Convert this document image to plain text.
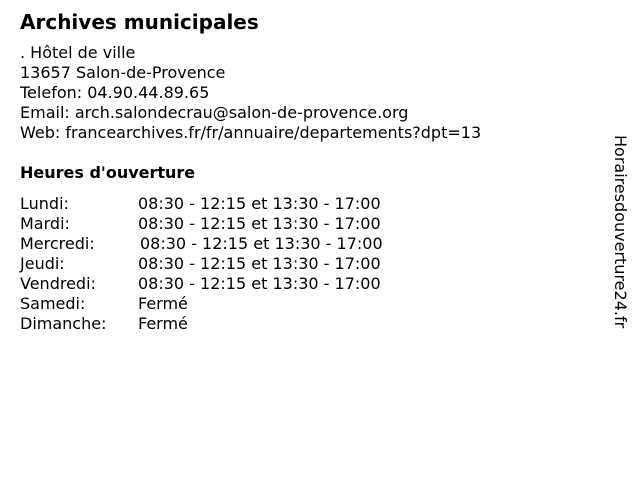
Archives municipales
. Hôtel de ville
13657 Salon-de-Provence
Telefon: 04.90.44.89.65
Email: arch.salondecrau@salon-de-provence.org
Web: francearchives.fr/fr/annuaire/departements?dpt=13
Heures d'ouverture
Lundi:	08:30 - 12:15 et 13:30 - 17:00
Mardi:	08:30 - 12:15 et 13:30 - 17:00
Mercredi:	08:30 - 12:15 et 13:30 - 17:00
Jeudi:	08:30 - 12:15 et 13:30 - 17:00
Vendredi:	08:30 - 12:15 et 13:30 - 17:00
Samedi:	Fermé
Dimanche: Fermé	Horairesdouverture24.fr
